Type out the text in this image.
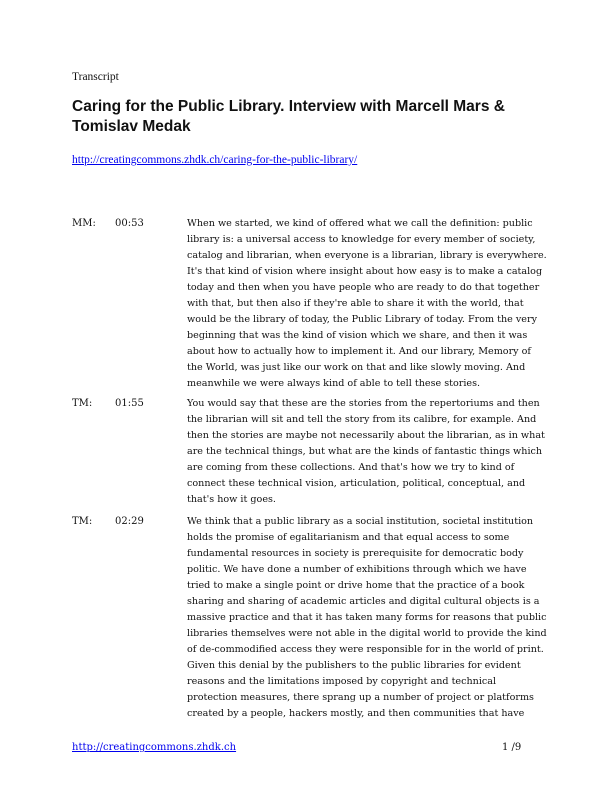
Transcript
Caring for the Public Library. Interview with Marcell Mars & Tomislav Medak
http://creatingcommons.zhdk.ch/caring-for-the-public-library/
MM: 00:53	When we started, we kind of offered what we call the definition: public
library is: a universal access to knowledge for every member of society,
catalog and librarian, when everyone is a librarian, library is everywhere.
It's that kind of vision where insight about how easy is to make a catalog
today and then when you have people who are ready to do that together
with that, but then also if they're able to share it with the world, that
would be the library of today, the Public Library of today. From the very
beginning that was the kind of vision which we share, and then it was
about how to actually how to implement it. And our library, Memory of
the World, was just like our work on that and like slowly moving. And
meanwhile we were always kind of able to tell these stories.
TM: 01:55	You would say that these are the stories from the repertoriums and then
the librarian will sit and tell the story from its calibre, for example. And
then the stories are maybe not necessarily about the librarian, as in what
are the technical things, but what are the kinds of fantastic things which
are coming from these collections. And that's how we try to kind of
connect these technical vision, articulation, political, conceptual, and
that's how it goes.
TM: 02:29	We think that a public library as a social institution, societal institution
holds the promise of egalitarianism and that equal access to some
fundamental resources in society is prerequisite for democratic body
politic. We have done a number of exhibitions through which we have
tried to make a single point or drive home that the practice of a book
sharing and sharing of academic articles and digital cultural objects is a
massive practice and that it has taken many forms for reasons that public
libraries themselves were not able in the digital world to provide the kind
of de-commodified access they were responsible for in the world of print.
Given this denial by the publishers to the public libraries for evident
reasons and the limitations imposed by copyright and technical
protection measures, there sprang up a number of project or platforms
created by a people, hackers mostly, and then communities that have
http://creatingcommons.zhdk.ch	1 /9
